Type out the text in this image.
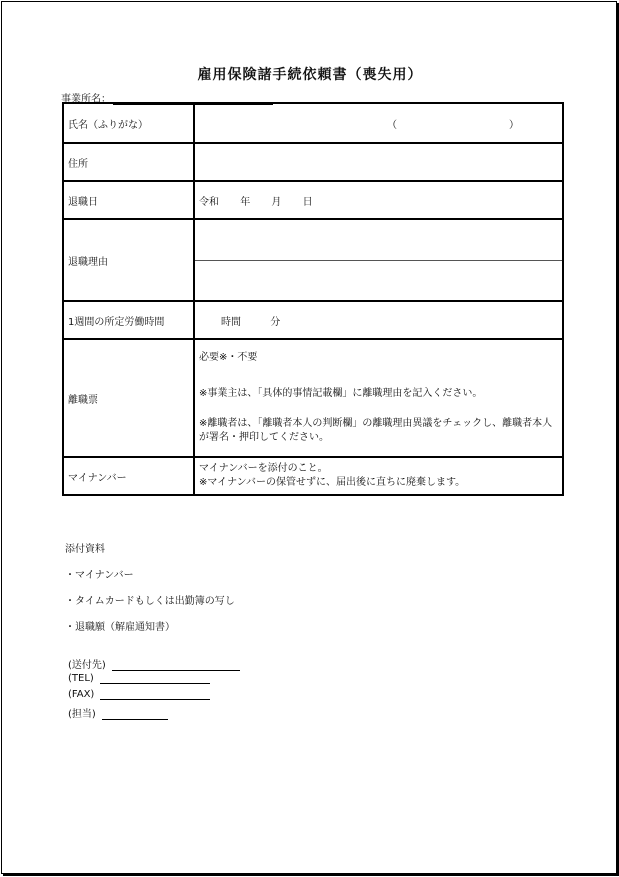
雇用保険諸手続依頼書（喪失用）
事業所名：
氏名（ふりがな）	（ ）

住所	
退職日	令和 年 月 日

退職理由	

1週間の所定労働時間	時間 分

離職票	必要※・不要

※事業主は、「具体的事情記載欄」に離職理由を記入ください。

※離職者は、「離職者本人の判断欄」の離職理由異議をチェックし、離職者本人が署名・押印してください。

マイナンバー	マイナンバーを添付のこと。
※マイナンバーの保管せずに、届出後に直ちに廃棄します。
添付資料
・マイナンバー
・タイムカードもしくは出勤簿の写し
・退職願（解雇通知書）
(送付先)
(TEL)
(FAX)
(担当)
